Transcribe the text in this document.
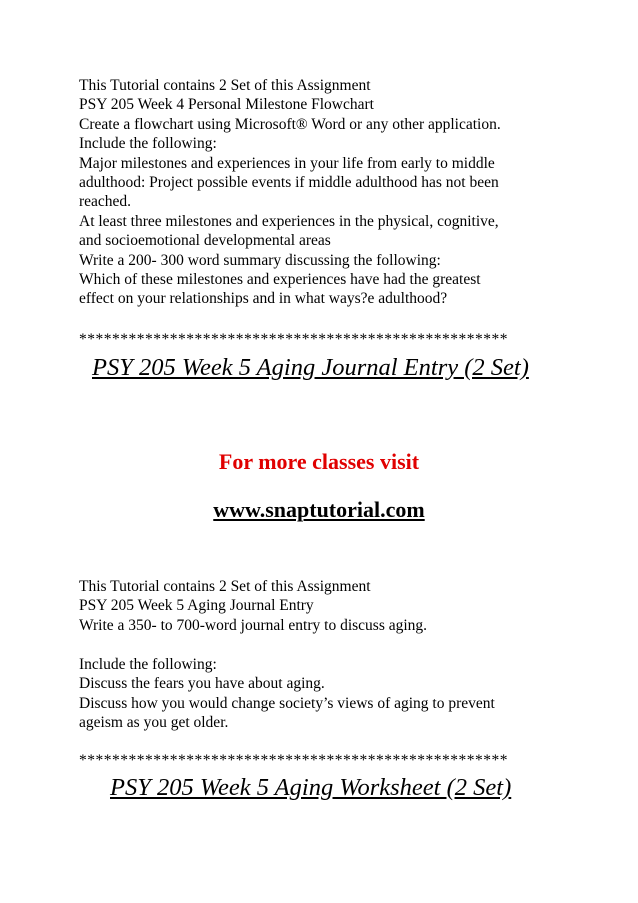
This Tutorial contains 2 Set of this Assignment
PSY 205 Week 4 Personal Milestone Flowchart
Create a flowchart using Microsoft® Word or any other application.
Include the following:
Major milestones and experiences in your life from early to middle
adulthood: Project possible events if middle adulthood has not been
reached.
At least three milestones and experiences in the physical, cognitive,
and socioemotional developmental areas
Write a 200- 300 word summary discussing the following:
Which of these milestones and experiences have had the greatest
effect on your relationships and in what ways?e adulthood?
****************************************************
PSY 205 Week 5 Aging Journal Entry (2 Set)
For more classes visit
www.snaptutorial.com
This Tutorial contains 2 Set of this Assignment
PSY 205 Week 5 Aging Journal Entry
Write a 350- to 700-word journal entry to discuss aging.
Include the following:
Discuss the fears you have about aging.
Discuss how you would change society’s views of aging to prevent
ageism as you get older.
****************************************************
PSY 205 Week 5 Aging Worksheet (2 Set)
